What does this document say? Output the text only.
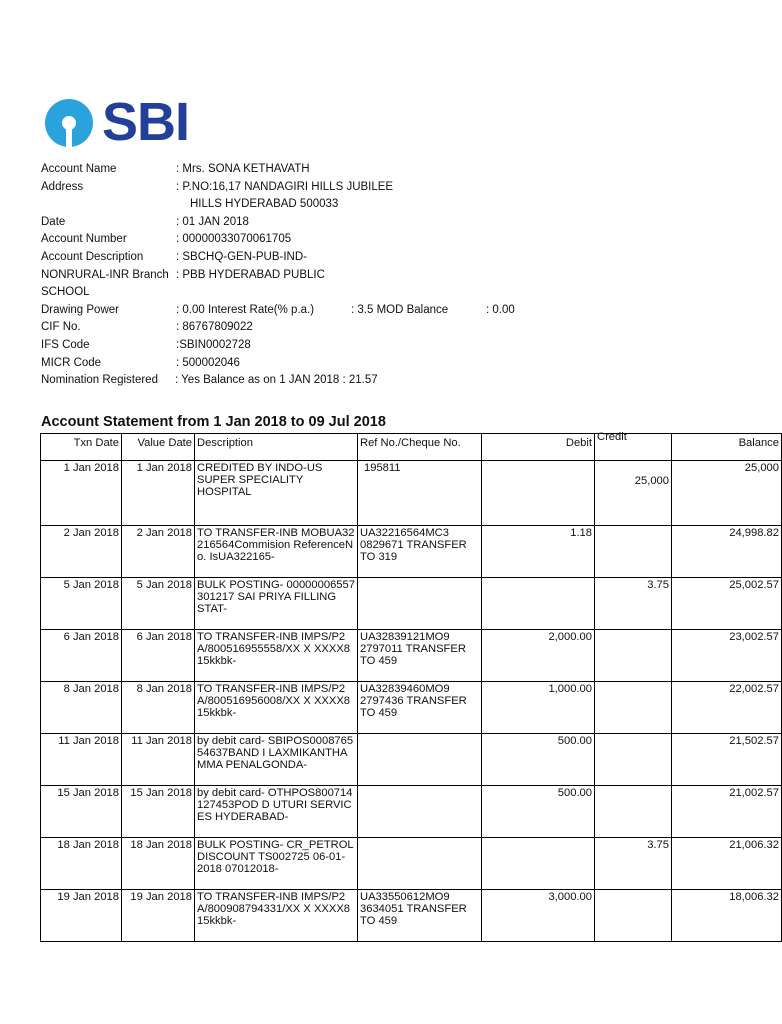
SBI
Account Name	: Mrs. SONA KETHAVATH
Address	: P.NO:16,17 NANDAGIRI HILLS JUBILEE
HILLS HYDERABAD 500033
Date	: 01 JAN 2018
Account Number	: 00000033070061705
Account Description	: SBCHQ-GEN-PUB-IND-
NONRURAL-INR Branch : PBB HYDERABAD PUBLIC
SCHOOL
Drawing Power	: 0.00 Interest Rate(% p.a.)	: 3.5 MOD Balance	: 0.00
CIF No.	: 86767809022
IFS Code	:SBIN0002728
MICR Code	: 500002046
Nomination Registered : Yes Balance as on 1 JAN 2018 : 21.57
Account Statement from 1 Jan 2018 to 09 Jul 2018
Txn Date	Value Date	Description	Ref No./Cheque No.	Debit	Credit	Balance
1 Jan 2018	1 Jan 2018	CREDITED BY INDO-US SUPER SPECIALITY HOSPITAL	195811		25,000	25,000
2 Jan 2018	2 Jan 2018	TO TRANSFER-INB MOBUA32216564Commision ReferenceNo. IsUA322165-	UA32216564MC3 0829671 TRANSFER TO 319	1.18		24,998.82
5 Jan 2018	5 Jan 2018	BULK POSTING- 00000006557 301217 SAI PRIYA FILLING STAT-			3.75	25,002.57
6 Jan 2018	6 Jan 2018	TO TRANSFER-INB IMPS/P2A/800516955558/XX X XXXX815kkbk-	UA32839121MO9 2797011 TRANSFER TO 459	2,000.00		23,002.57
8 Jan 2018	8 Jan 2018	TO TRANSFER-INB IMPS/P2A/800516956008/XX X XXXX815kkbk-	UA32839460MO9 2797436 TRANSFER TO 459	1,000.00		22,002.57
11 Jan 2018	11 Jan 2018	by debit card- SBIPOS000876554637BAND I LAXMIKANTHAMMA PENALGONDA-		500.00		21,502.57
15 Jan 2018	15 Jan 2018	by debit card- OTHPOS800714127453POD D UTURI SERVICES HYDERABAD-		500.00		21,002.57
18 Jan 2018	18 Jan 2018	BULK POSTING- CR_PETROL DISCOUNT TS002725 06-01- 2018 07012018-			3.75	21,006.32
19 Jan 2018	19 Jan 2018	TO TRANSFER-INB IMPS/P2A/800908794331/XX X XXXX815kkbk-	UA33550612MO9 3634051 TRANSFER TO 459	3,000.00		18,006.32
